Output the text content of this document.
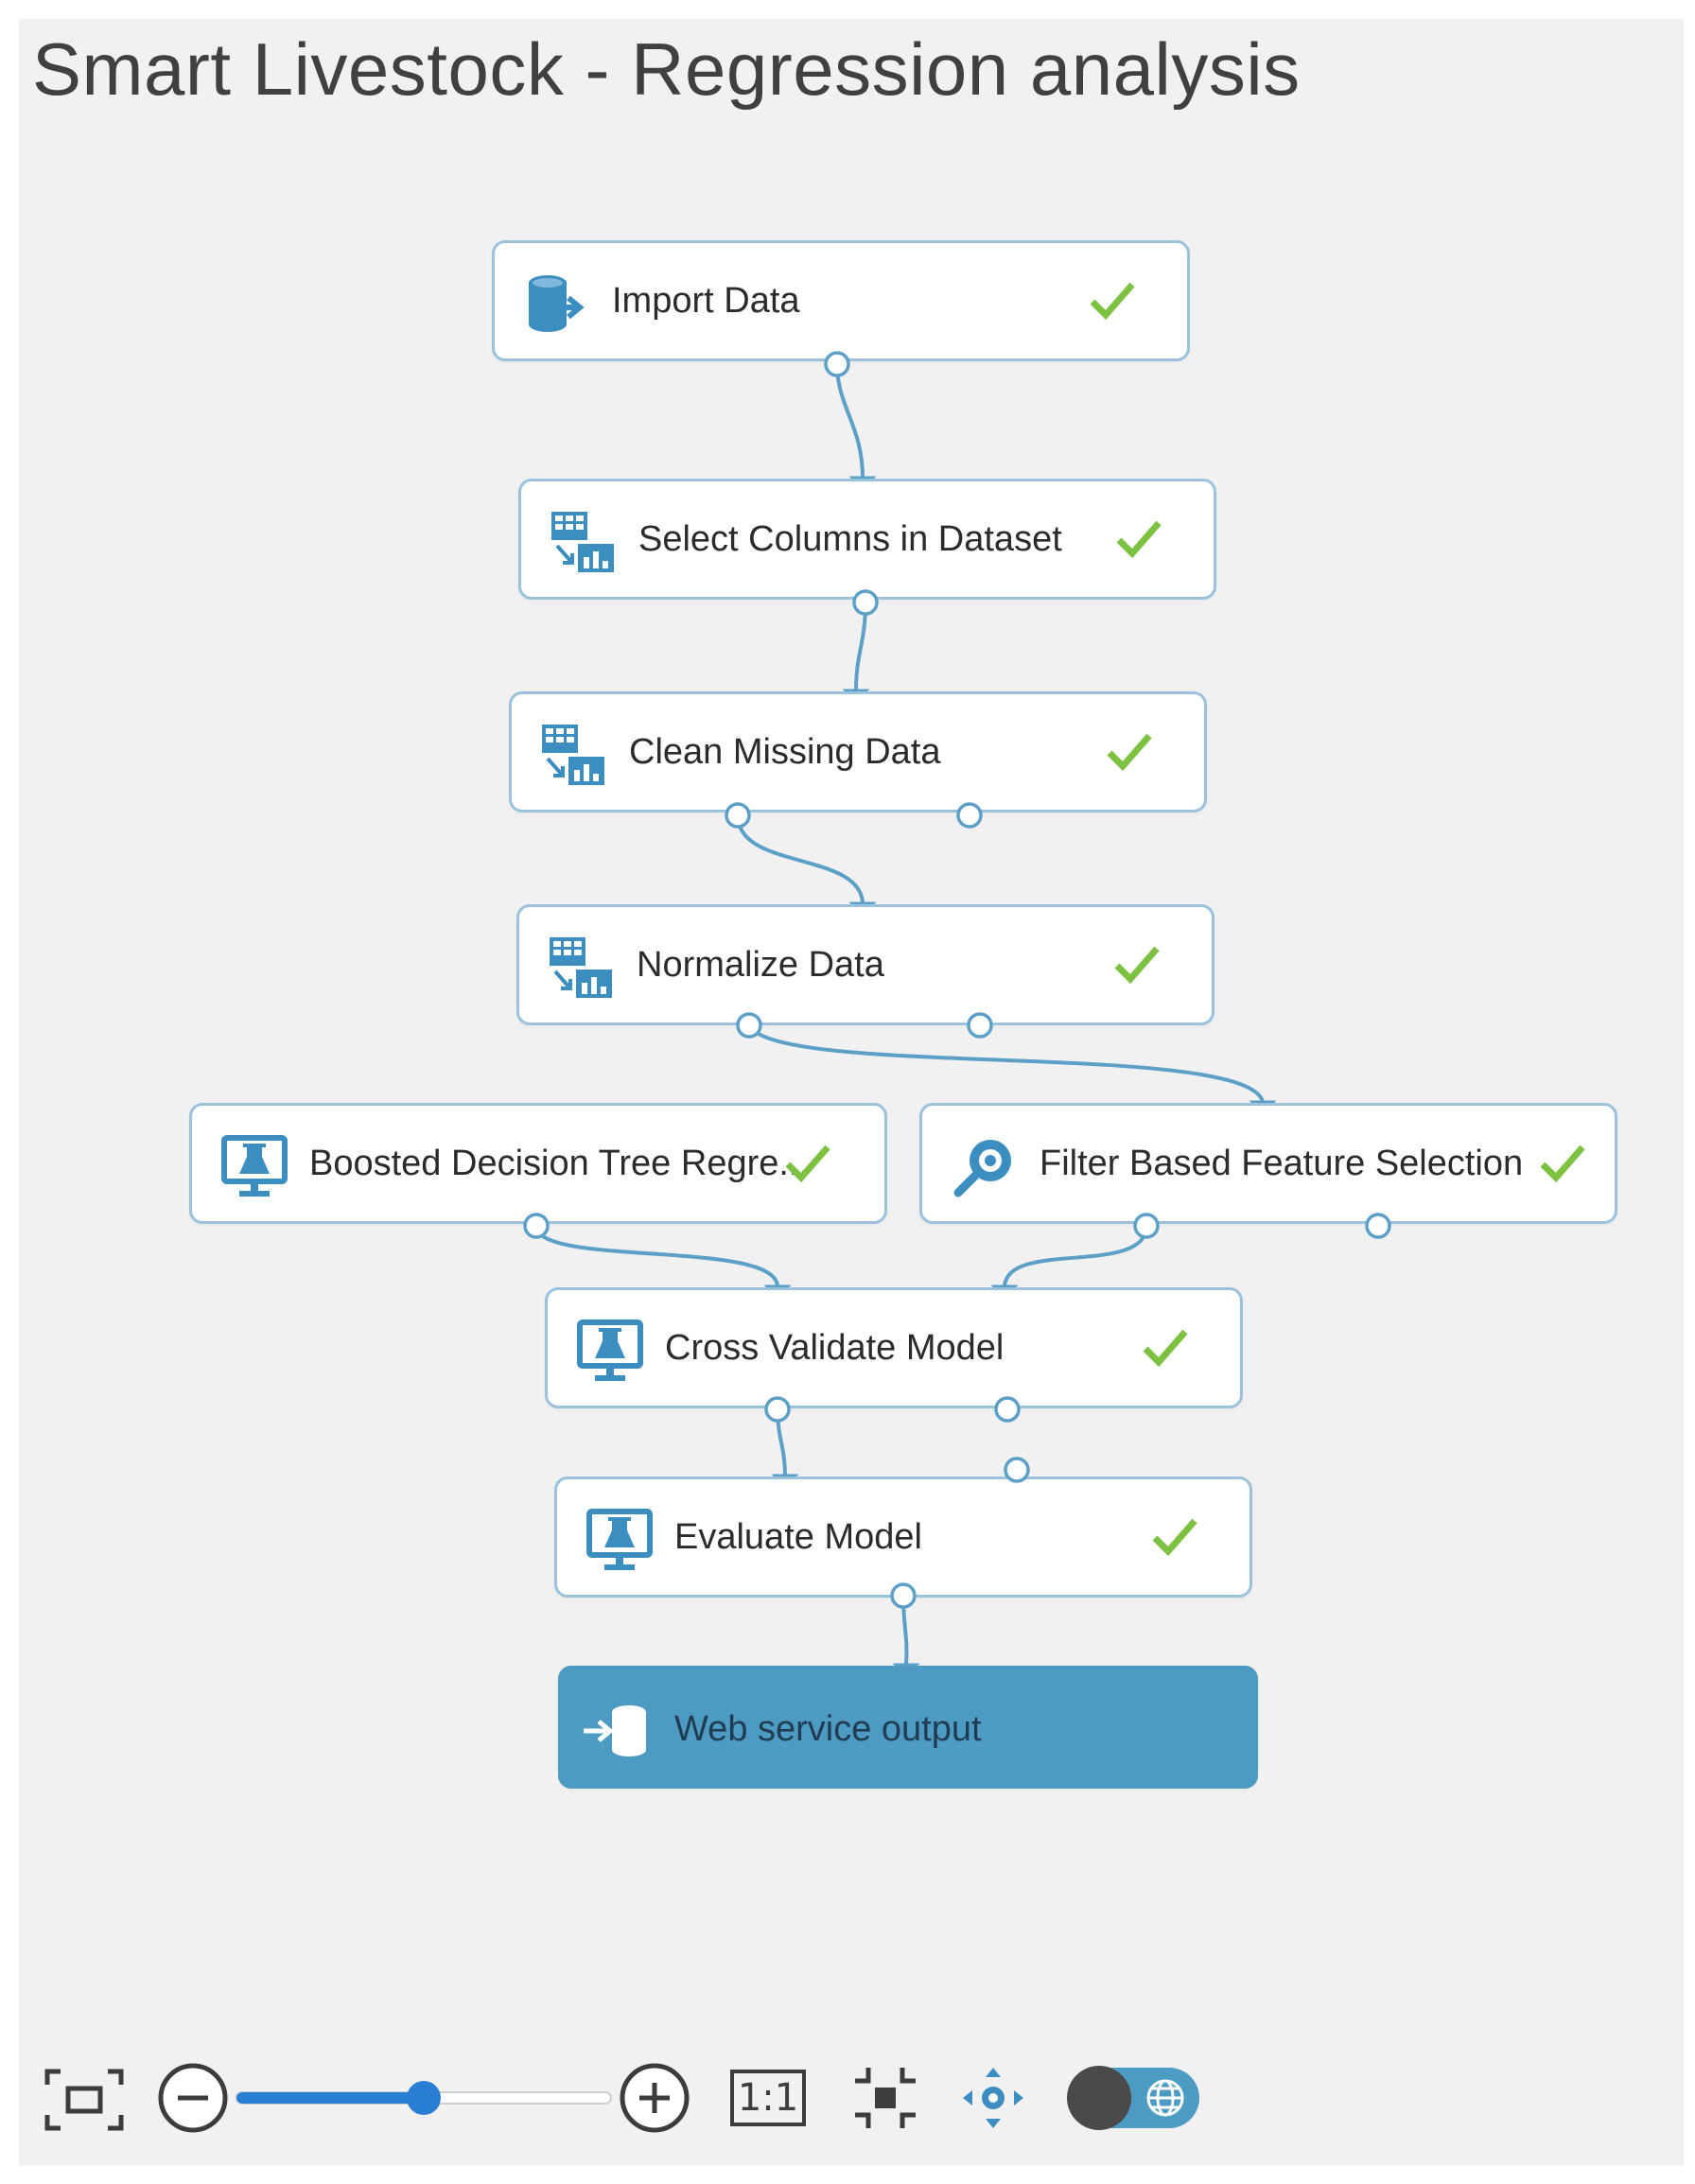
Smart Livestock - Regression analysis
Import Data
Select Columns in Dataset
Clean Missing Data
Normalize Data
Boosted Decision Tree Regre...	Filter Based Feature Selection
Cross Validate Model
Evaluate Model
Web service output
1:1
